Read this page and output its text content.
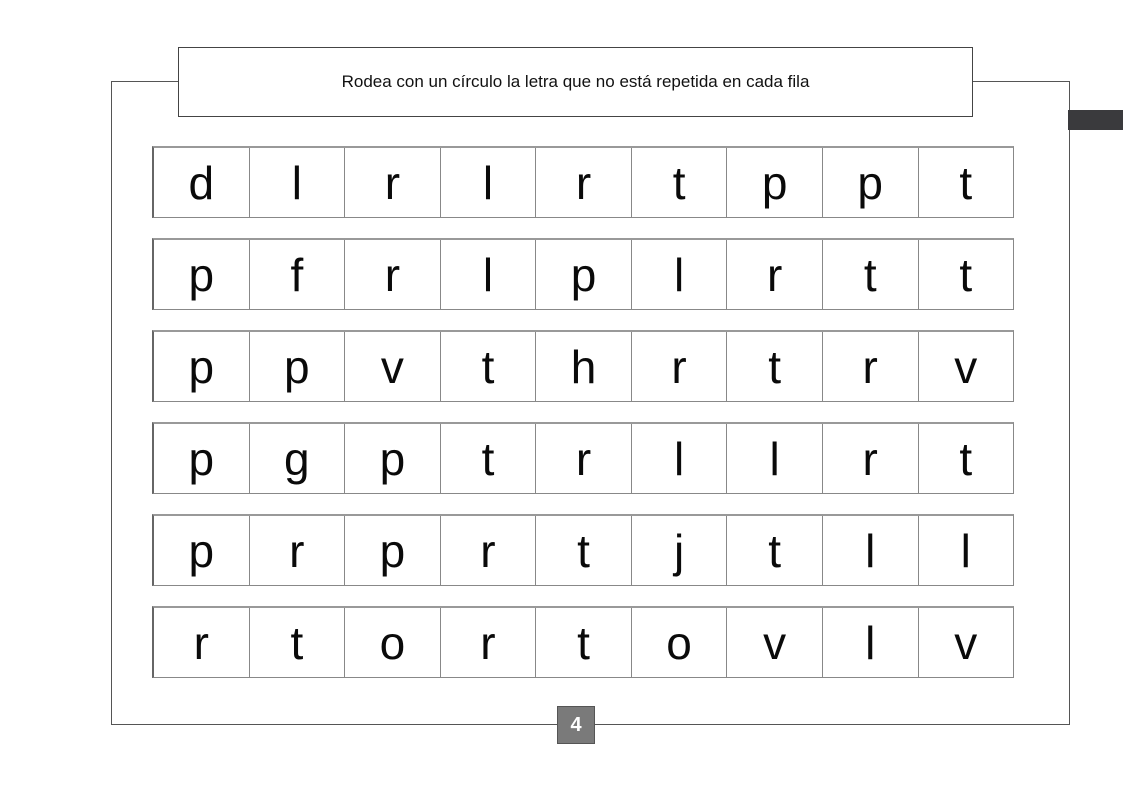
Rodea con un círculo la letra que no está repetida en cada fila
d	l	r	l	r	t	p	p	t
p	f	r	l	p	l	r	t	t
p	p	v	t	h	r	t	r	v
p	g	p	t	r	l	l	r	t
p	r	p	r	t	j	t	l	l
r	t	o	r	t	o	v	l	v
4
